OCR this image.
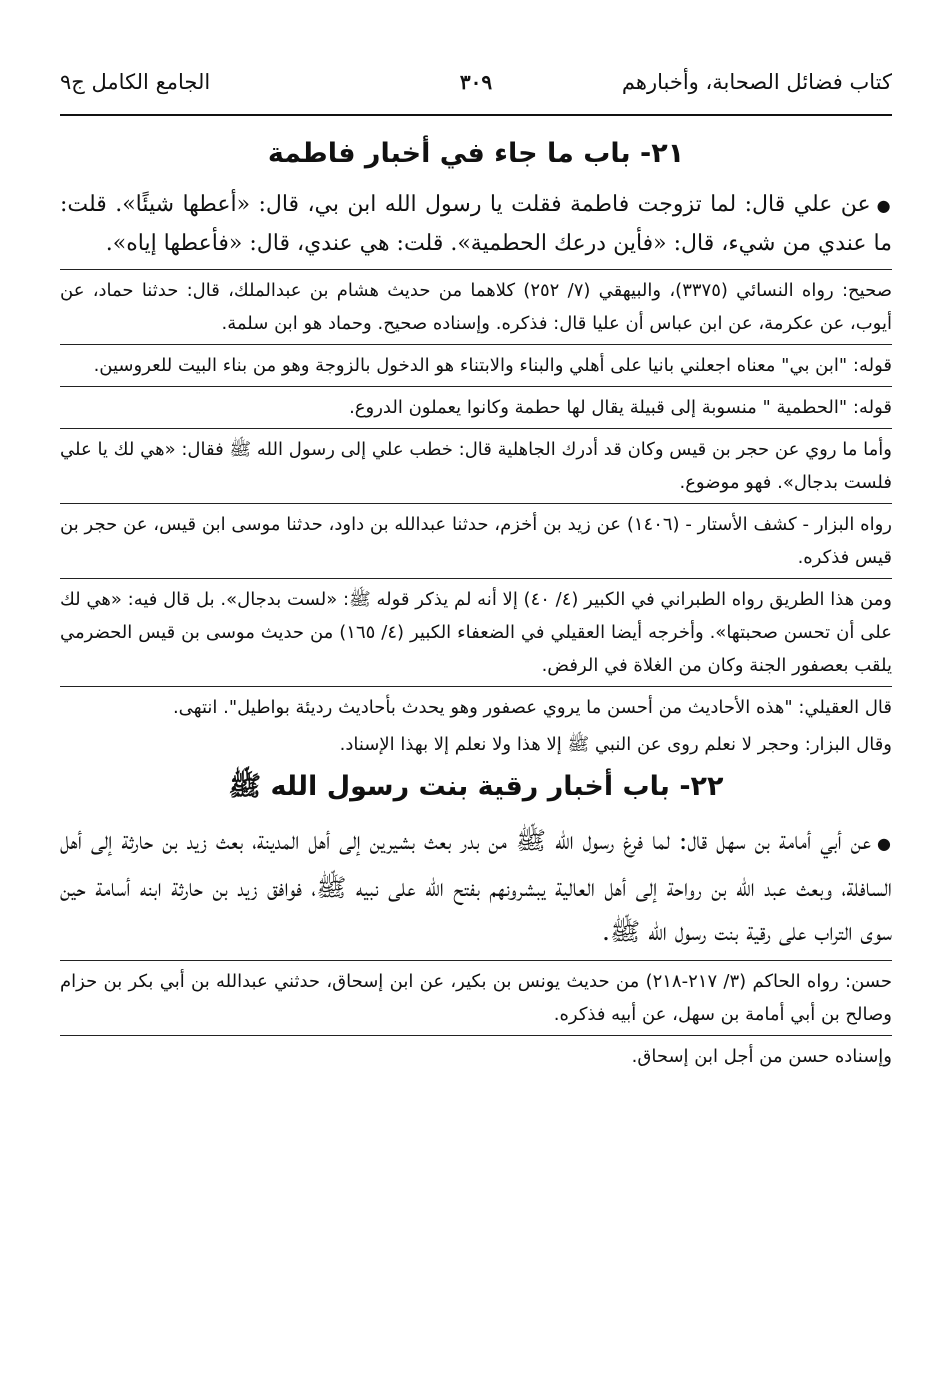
كتاب فضائل الصحابة، وأخبارهم
٣٠٩
الجامع الكامل ج٩
٢١- باب ما جاء في أخبار فاطمة

●عن علي قال: لما تزوجت فاطمة فقلت يا رسول الله ابن بي، قال: «أعطها شيئًا». قلت: ما عندي من شيء، قال: «فأين درعك الحطمية». قلت: هي عندي، قال: «فأعطها إياه».

صحيح: رواه النسائي (٣٣٧٥)، والبيهقي (٧/ ٢٥٢) كلاهما من حديث هشام بن عبدالملك، قال: حدثنا حماد، عن أيوب، عن عكرمة، عن ابن عباس أن عليا قال: فذكره. وإسناده صحيح. وحماد هو ابن سلمة.

قوله: "ابن بي" معناه اجعلني بانيا على أهلي والبناء والابتناء هو الدخول بالزوجة وهو من بناء البيت للعروسين.

قوله: "الحطمية " منسوبة إلى قبيلة يقال لها حطمة وكانوا يعملون الدروع.

وأما ما روي عن حجر بن قيس وكان قد أدرك الجاهلية قال: خطب علي إلى رسول الله ﷺ فقال: «هي لك يا علي فلست بدجال». فهو موضوع.

رواه البزار - كشف الأستار - (١٤٠٦) عن زيد بن أخزم، حدثنا عبدالله بن داود، حدثنا موسى ابن قيس، عن حجر بن قيس فذكره.

ومن هذا الطريق رواه الطبراني في الكبير (٤/ ٤٠) إلا أنه لم يذكر قوله ﷺ: «لست بدجال». بل قال فيه: «هي لك على أن تحسن صحبتها». وأخرجه أيضا العقيلي في الضعفاء الكبير (٤/ ١٦٥) من حديث موسى بن قيس الحضرمي يلقب بعصفور الجنة وكان من الغلاة في الرفض.

قال العقيلي: "هذه الأحاديث من أحسن ما يروي عصفور وهو يحدث بأحاديث رديئة بواطيل". انتهى.

وقال البزار: وحجر لا نعلم روى عن النبي ﷺ إلا هذا ولا نعلم إلا بهذا الإسناد.

٢٢- باب أخبار رقية بنت رسول الله ﷺ

●عن أبي أمامة بن سهل قال: لما فرغ رسول الله ﷺ من بدر بعث بشيرين إلى أهل المدينة، بعث زيد بن حارثة إلى أهل السافلة، وبعث عبد الله بن رواحة إلى أهل العالية يبشرونهم بفتح الله على نبيه ﷺ، فوافق زيد بن حارثة ابنه أسامة حين سوى التراب على رقية بنت رسول الله ﷺ.

حسن: رواه الحاكم (٣/ ٢١٧-٢١٨) من حديث يونس بن بكير، عن ابن إسحاق، حدثني عبدالله بن أبي بكر بن حزام وصالح بن أبي أمامة بن سهل، عن أبيه فذكره.

وإسناده حسن من أجل ابن إسحاق.
